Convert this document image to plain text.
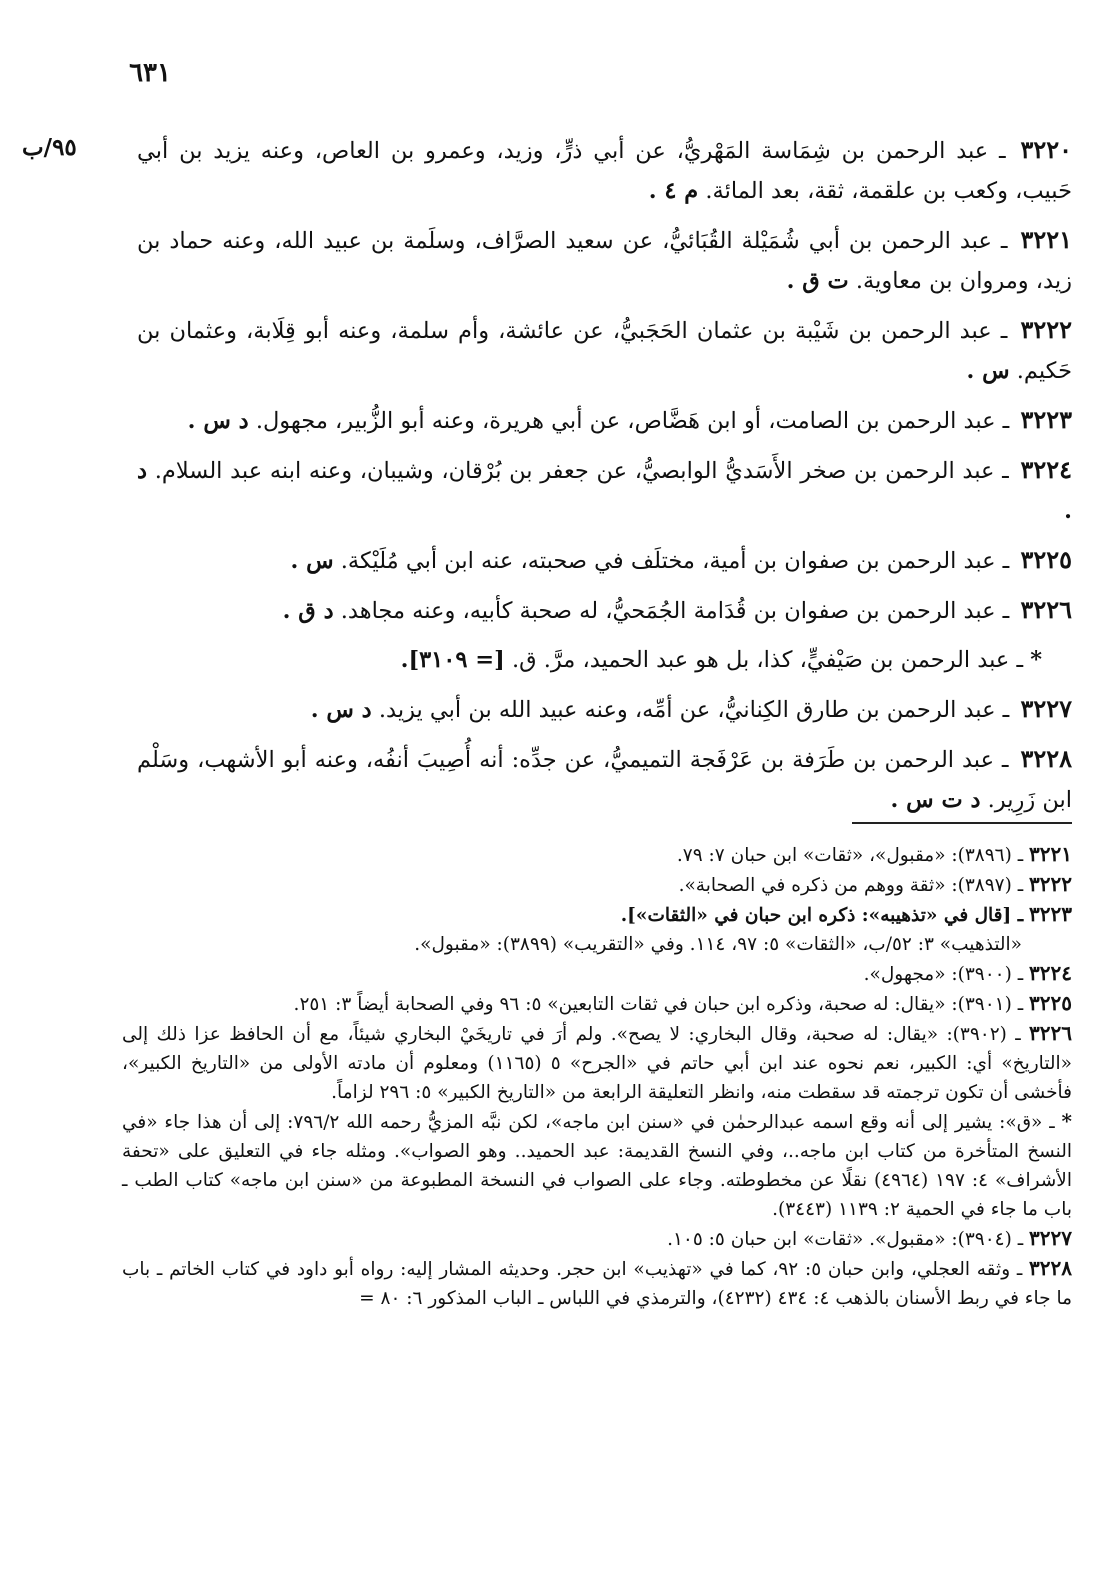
٦٣١
٩٥/ب	٣٢٢٠ ـ عبد الرحمن بن شِمَاسة المَهْريُّ، عن أبي ذرٍّ، وزيد، وعمرو بن العاص، وعنه يزيد بن أبي حَبيب، وكعب بن علقمة، ثقة، بعد المائة. م ٤ .

٣٢٢١ ـ عبد الرحمن بن أبي شُمَيْلة القُبَائيُّ، عن سعيد الصرَّاف، وسلَمة بن عبيد الله، وعنه حماد بن زيد، ومروان بن معاوية. ت ق .

٣٢٢٢ ـ عبد الرحمن بن شَيْبة بن عثمان الحَجَبيُّ، عن عائشة، وأم سلمة، وعنه أبو قِلَابة، وعثمان بن حَكيم. س .

٣٢٢٣ ـ عبد الرحمن بن الصامت، أو ابن هَضَّاص، عن أبي هريرة، وعنه أبو الزُّبير، مجهول. د س .

٣٢٢٤ ـ عبد الرحمن بن صخر الأَسَديُّ الوابصيُّ، عن جعفر بن بُرْقان، وشيبان، وعنه ابنه عبد السلام. د .

٣٢٢٥ ـ عبد الرحمن بن صفوان بن أمية، مختلَف في صحبته، عنه ابن أبي مُلَيْكة. س .

٣٢٢٦ ـ عبد الرحمن بن صفوان بن قُدَامة الجُمَحيُّ، له صحبة كأبيه، وعنه مجاهد. د ق .

* ـ عبد الرحمن بن صَيْفيٍّ، كذا، بل هو عبد الحميد، مرَّ. ق. [= ٣١٠٩].

٣٢٢٧ ـ عبد الرحمن بن طارق الكِنانيُّ، عن أمِّه، وعنه عبيد الله بن أبي يزيد. د س .

٣٢٢٨ ـ عبد الرحمن بن طَرَفة بن عَرْفَجة التميميُّ، عن جدِّه: أنه أُصِيبَ أنفُه، وعنه أبو الأشهب، وسَلْم ابن زَرِير. د ت س .

٣٢٢١ ـ (٣٨٩٦): «مقبول»، «ثقات» ابن حبان ٧: ٧٩.
٣٢٢٢ ـ (٣٨٩٧): «ثقة ووهم من ذكره في الصحابة».
٣٢٢٣ ـ [قال في «تذهيبه»: ذكره ابن حبان في «الثقات»].
«التذهيب» ٣: ٥٢/ب، «الثقات» ٥: ٩٧، ١١٤. وفي «التقريب» (٣٨٩٩): «مقبول».
٣٢٢٤ ـ (٣٩٠٠): «مجهول».
٣٢٢٥ ـ (٣٩٠١): «يقال: له صحبة، وذكره ابن حبان في ثقات التابعين» ٥: ٩٦ وفي الصحابة أيضاً ٣: ٢٥١.
٣٢٢٦ ـ (٣٩٠٢): «يقال: له صحبة، وقال البخاري: لا يصح». ولم أرَ في تاريخَيْ البخاري شيئاً، مع أن الحافظ عزا ذلك إلى «التاريخ» أي: الكبير، نعم نحوه عند ابن أبي حاتم في «الجرح» ٥ (١١٦٥) ومعلوم أن مادته الأولى من «التاريخ الكبير»، فأخشى أن تكون ترجمته قد سقطت منه، وانظر التعليقة الرابعة من «التاريخ الكبير» ٥: ٢٩٦ لزاماً.
* ـ «ق»: يشير إلى أنه وقع اسمه عبدالرحمٰن في «سنن ابن ماجه»، لكن نبَّه المزيُّ رحمه الله ٧٩٦/٢: إلى أن هذا جاء «في النسخ المتأخرة من كتاب ابن ماجه..، وفي النسخ القديمة: عبد الحميد.. وهو الصواب». ومثله جاء في التعليق على «تحفة الأشراف» ٤: ١٩٧ (٤٩٦٤) نقلًا عن مخطوطته. وجاء على الصواب في النسخة المطبوعة من «سنن ابن ماجه» كتاب الطب ـ باب ما جاء في الحمية ٢: ١١٣٩ (٣٤٤٣).
٣٢٢٧ ـ (٣٩٠٤): «مقبول». «ثقات» ابن حبان ٥: ١٠٥.
٣٢٢٨ ـ وثقه العجلي، وابن حبان ٥: ٩٢، كما في «تهذيب» ابن حجر. وحديثه المشار إليه: رواه أبو داود في كتاب الخاتم ـ باب ما جاء في ربط الأسنان بالذهب ٤: ٤٣٤ (٤٢٣٢)، والترمذي في اللباس ـ الباب المذكور ٦: ٨٠ =
